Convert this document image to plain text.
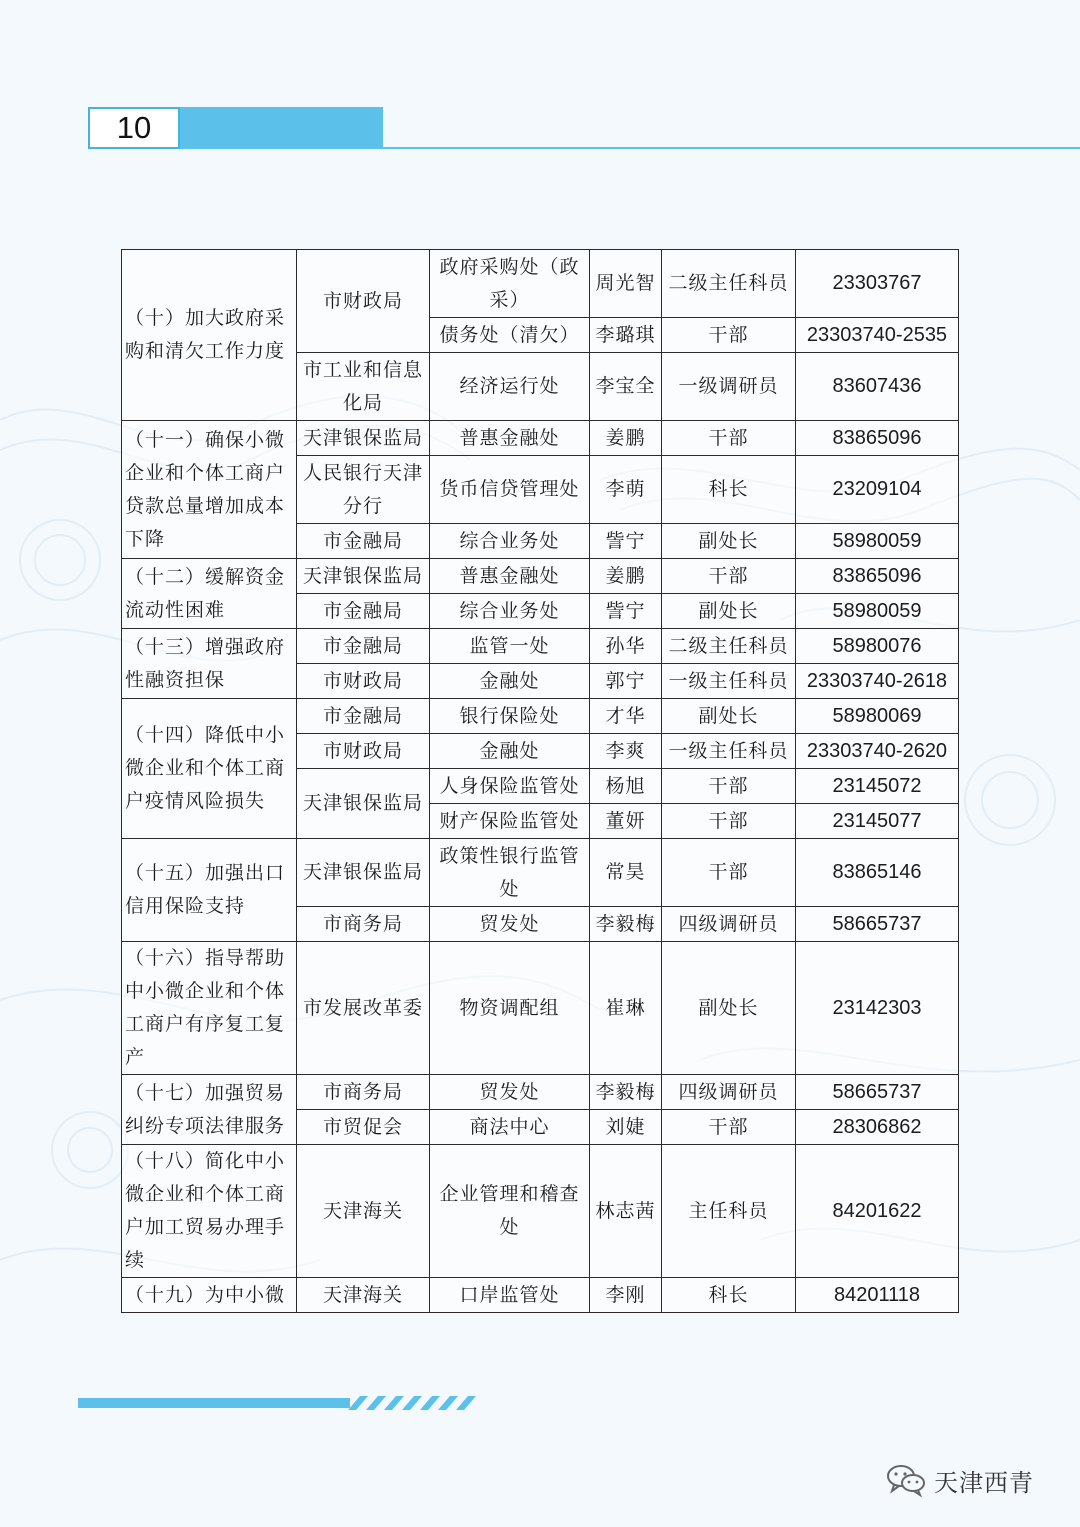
10
（十）加大政府采购和清欠工作力度	市财政局	政府采购处（政采）	周光智	二级主任科员	23303767
		债务处（清欠）	李璐琪	干部	23303740-2535
	市工业和信息化局	经济运行处	李宝全	一级调研员	83607436
（十一）确保小微企业和个体工商户贷款总量增加成本下降	天津银保监局	普惠金融处	姜鹏	干部	83865096
	人民银行天津分行	货币信贷管理处	李萌	科长	23209104
	市金融局	综合业务处	訾宁	副处长	58980059
（十二）缓解资金流动性困难	天津银保监局	普惠金融处	姜鹏	干部	83865096
	市金融局	综合业务处	訾宁	副处长	58980059
（十三）增强政府性融资担保	市金融局	监管一处	孙华	二级主任科员	58980076
	市财政局	金融处	郭宁	一级主任科员	23303740-2618
（十四）降低中小微企业和个体工商户疫情风险损失	市金融局	银行保险处	才华	副处长	58980069
	市财政局	金融处	李爽	一级主任科员	23303740-2620
	天津银保监局	人身保险监管处	杨旭	干部	23145072
		财产保险监管处	董妍	干部	23145077
（十五）加强出口信用保险支持	天津银保监局	政策性银行监管处	常昊	干部	83865146
	市商务局	贸发处	李毅梅	四级调研员	58665737
（十六）指导帮助中小微企业和个体工商户有序复工复产	市发展改革委	物资调配组	崔琳	副处长	23142303
（十七）加强贸易纠纷专项法律服务	市商务局	贸发处	李毅梅	四级调研员	58665737
	市贸促会	商法中心	刘婕	干部	28306862
（十八）简化中小微企业和个体工商户加工贸易办理手续	天津海关	企业管理和稽查处	林志茜	主任科员	84201622
（十九）为中小微	天津海关	口岸监管处	李刚	科长	84201118
天津西青
